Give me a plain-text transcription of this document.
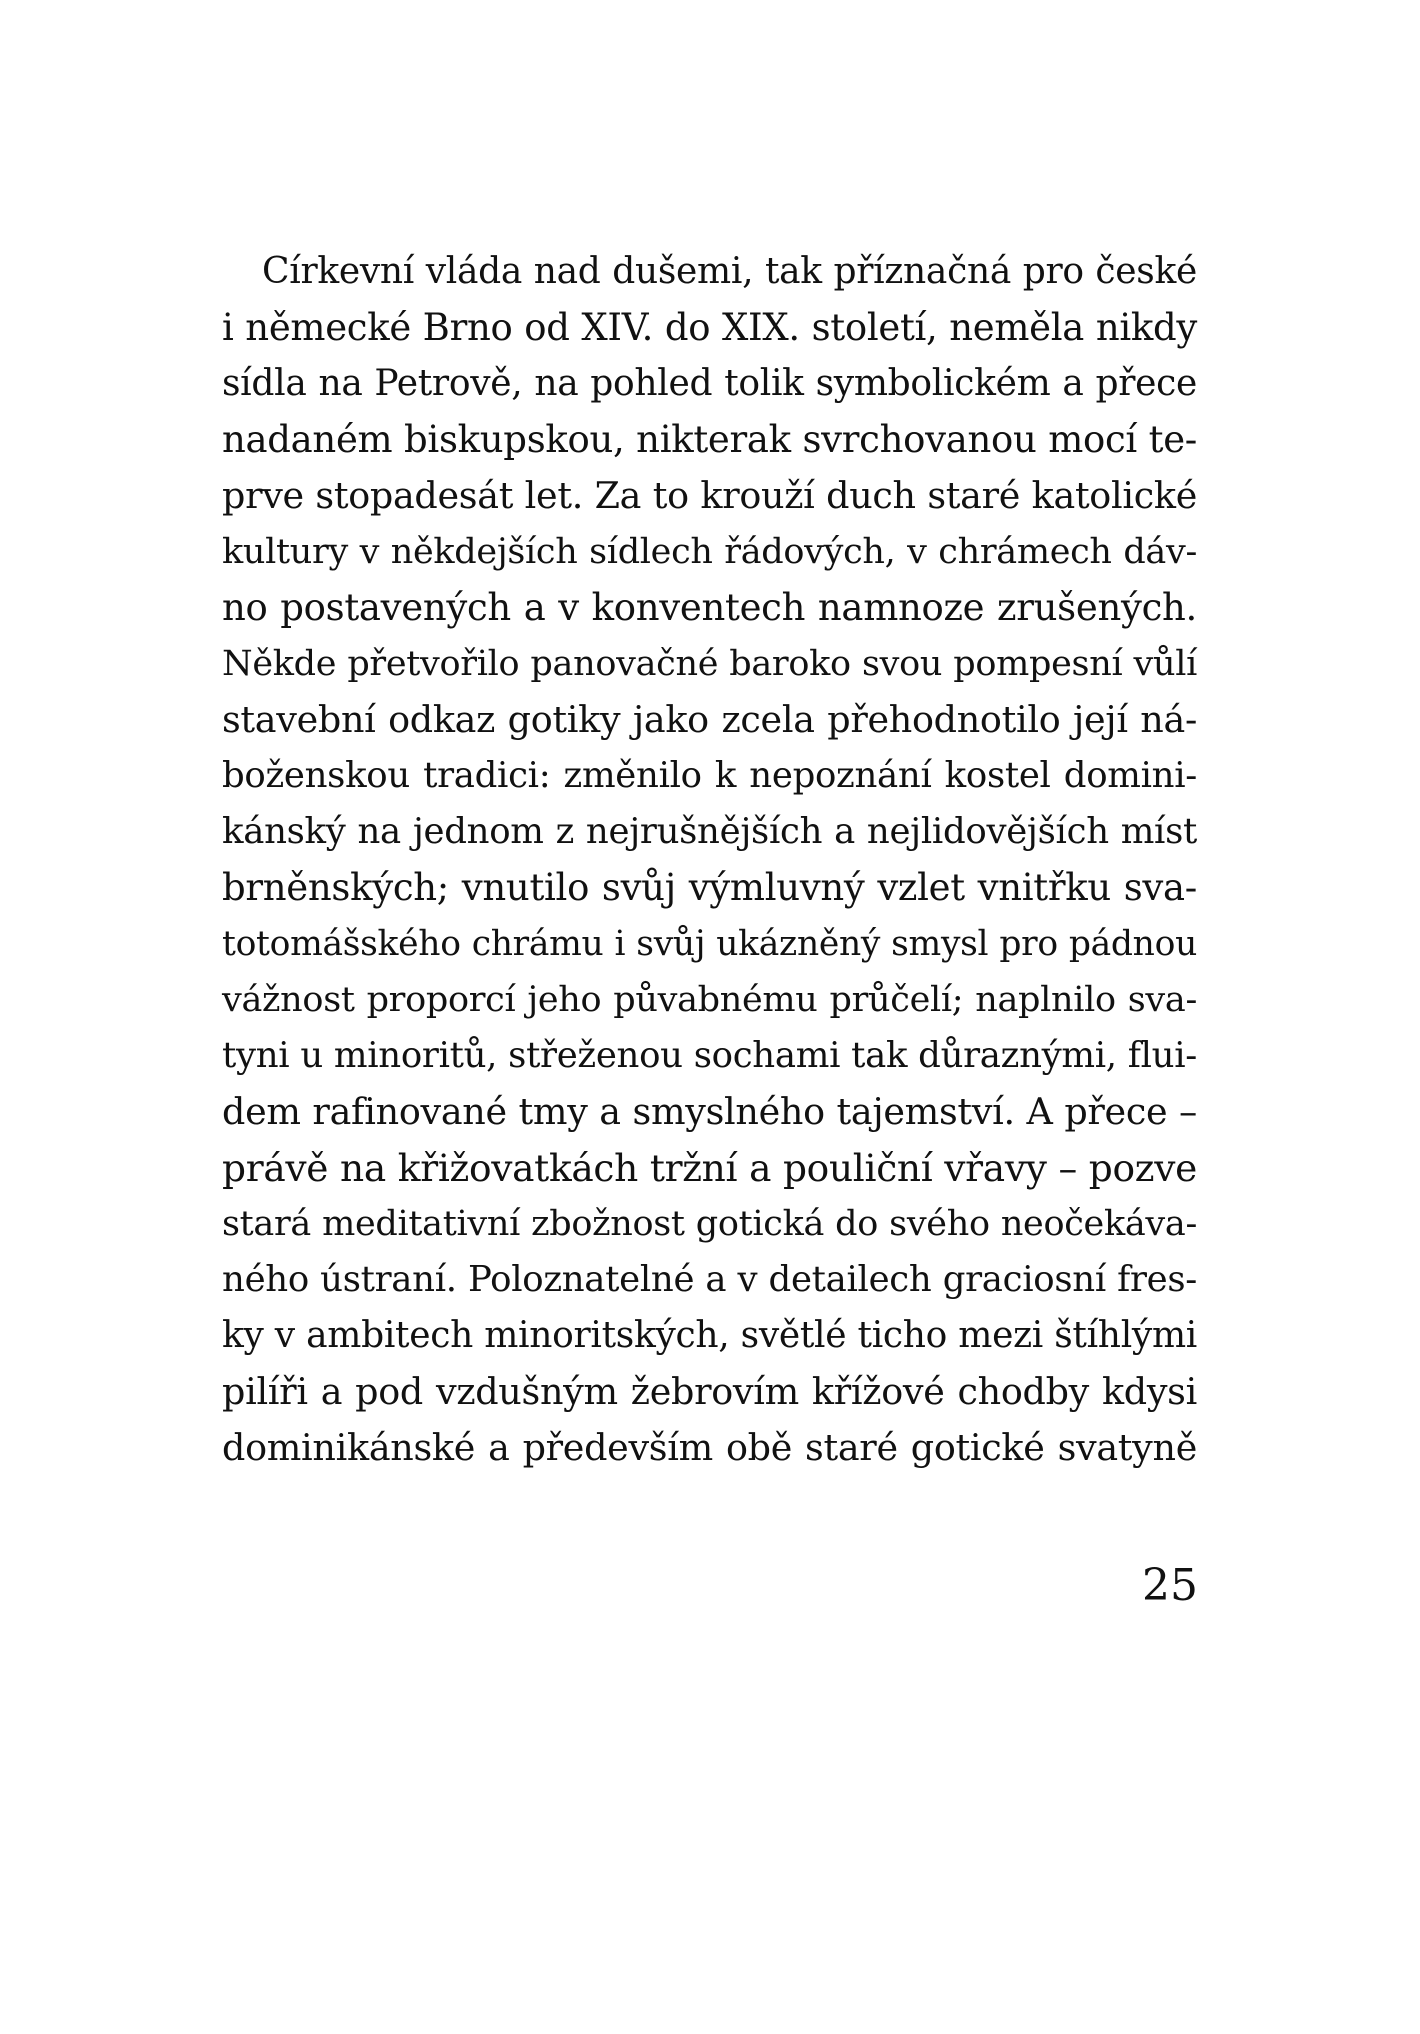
Církevní vláda nad dušemi, tak příznačná pro české
i německé Brno od XIV. do XIX. století, neměla nikdy
sídla na Petrově, na pohled tolik symbolickém a přece
nadaném biskupskou, nikterak svrchovanou mocí te-
prve stopadesát let. Za to krouží duch staré katolické
kultury v někdejších sídlech řádových, v chrámech dáv-
no postavených a v konventech namnoze zrušených.
Někde přetvořilo panovačné baroko svou pompesní vůlí
stavební odkaz gotiky jako zcela přehodnotilo její ná-
boženskou tradici: změnilo k nepoznání kostel domini-
kánský na jednom z nejrušnějších a nejlidovějších míst
brněnských; vnutilo svůj výmluvný vzlet vnitřku sva-
totomášského chrámu i svůj ukázněný smysl pro pádnou
vážnost proporcí jeho půvabnému průčelí; naplnilo sva-
tyni u minoritů, střeženou sochami tak důraznými, flui-
dem rafinované tmy a smyslného tajemství. A přece –
právě na křižovatkách tržní a pouliční vřavy – pozve
stará meditativní zbožnost gotická do svého neočekáva-
ného ústraní. Poloznatelné a v detailech graciosní fres-
ky v ambitech minoritských, světlé ticho mezi štíhlými
pilíři a pod vzdušným žebrovím křížové chodby kdysi
dominikánské a především obě staré gotické svatyně
25
